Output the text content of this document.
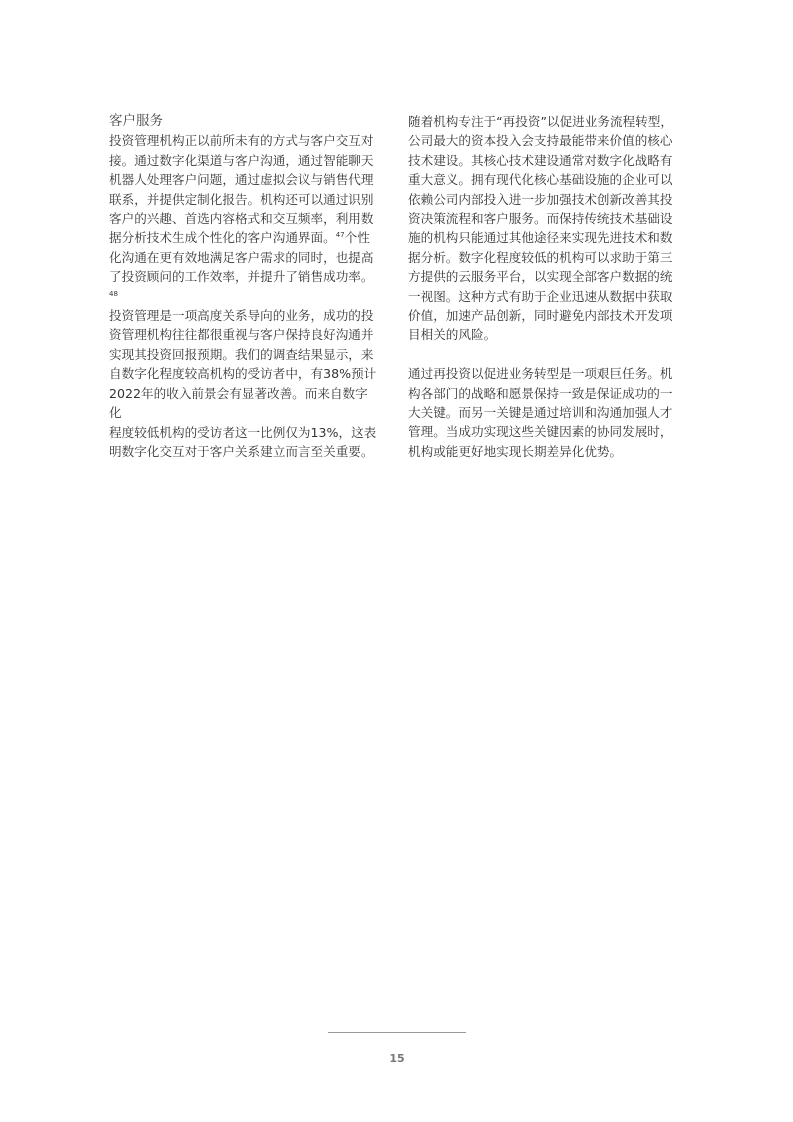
客户服务

投资管理机构正以前所未有的方式与客户交互对
接。通过数字化渠道与客户沟通，通过智能聊天
机器人处理客户问题，通过虚拟会议与销售代理
联系，并提供定制化报告。机构还可以通过识别
客户的兴趣、首选内容格式和交互频率，利用数
据分析技术生成个性化的客户沟通界面。$^{47}$个性
化沟通在更有效地满足客户需求的同时，也提高
了投资顾问的工作效率，并提升了销售成功率。$^{48}$

投资管理是一项高度关系导向的业务，成功的投
资管理机构往往都很重视与客户保持良好沟通并
实现其投资回报预期。我们的调查结果显示，来
自数字化程度较高机构的受访者中，有38%预计
2022年的收入前景会有显著改善。而来自数字化
程度较低机构的受访者这一比例仅为13%，这表
明数字化交互对于客户关系建立而言至关重要。

随着机构专注于“再投资”以促进业务流程转型，
公司最大的资本投入会支持最能带来价值的核心
技术建设。其核心技术建设通常对数字化战略有
重大意义。拥有现代化核心基础设施的企业可以
依赖公司内部投入进一步加强技术创新改善其投
资决策流程和客户服务。而保持传统技术基础设
施的机构只能通过其他途径来实现先进技术和数
据分析。数字化程度较低的机构可以求助于第三
方提供的云服务平台，以实现全部客户数据的统
一视图。这种方式有助于企业迅速从数据中获取
价值，加速产品创新，同时避免内部技术开发项
目相关的风险。

通过再投资以促进业务转型是一项艰巨任务。机
构各部门的战略和愿景保持一致是保证成功的一
大关键。而另一关键是通过培训和沟通加强人才
管理。当成功实现这些关键因素的协同发展时，
机构或能更好地实现长期差异化优势。

15
